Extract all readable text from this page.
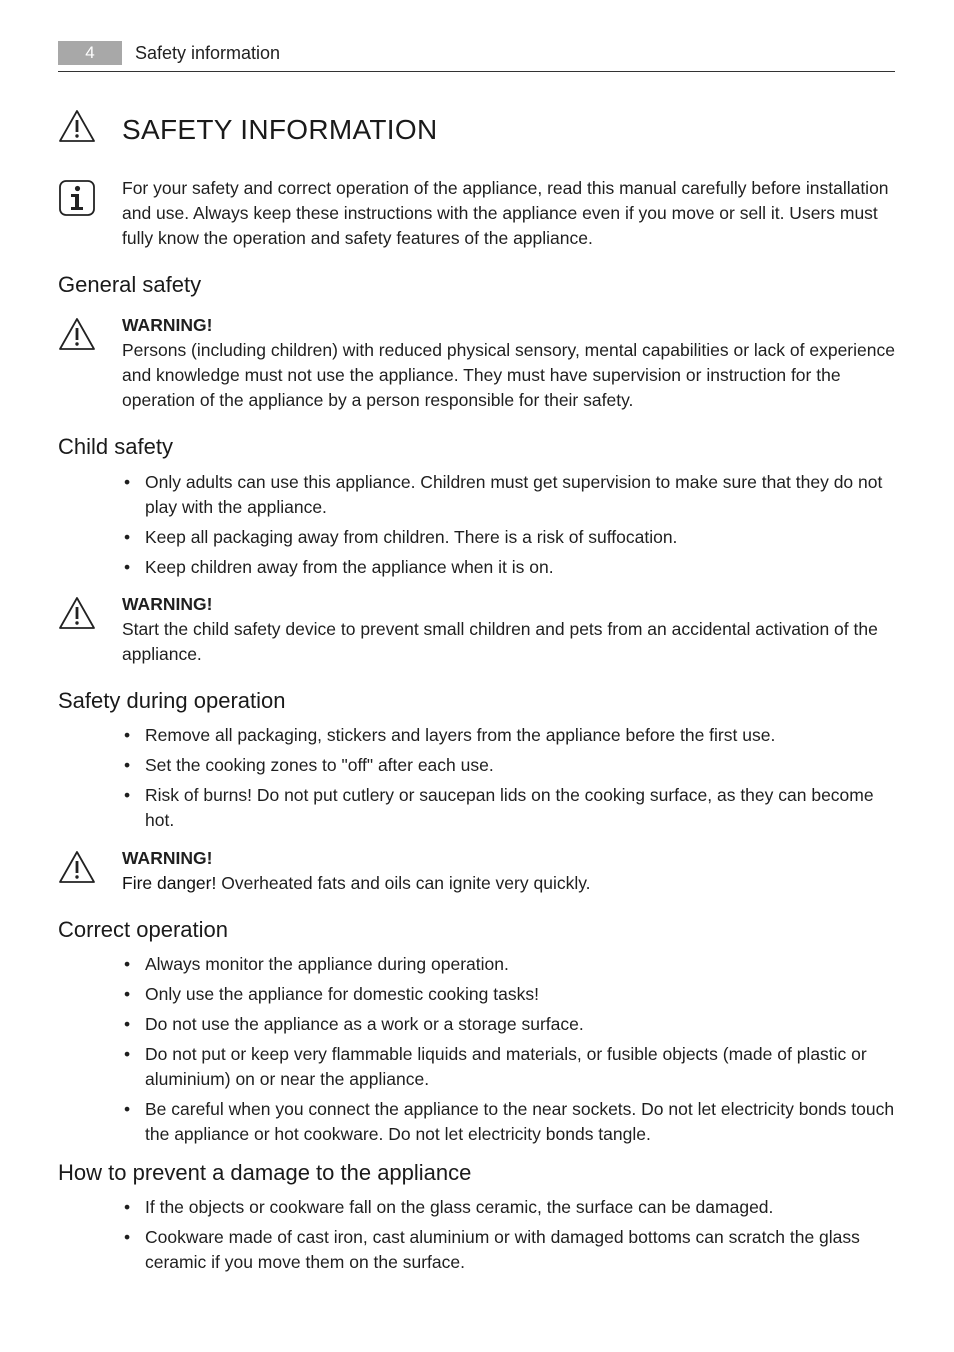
4	Safety information
SAFETY INFORMATION
For your safety and correct operation of the appliance, read this manual carefully before installation and use. Always keep these instructions with the appliance even if you move or sell it. Users must fully know the operation and safety features of the appliance.
General safety
WARNING!
Persons (including children) with reduced physical sensory, mental capabilities or lack of experience and knowledge must not use the appliance. They must have supervision or instruction for the operation of the appliance by a person responsible for their safety.
Child safety
• Only adults can use this appliance. Children must get supervision to make sure that they do not play with the appliance.
• Keep all packaging away from children. There is a risk of suffocation.
• Keep children away from the appliance when it is on.
WARNING!
Start the child safety device to prevent small children and pets from an accidental activation of the appliance.
Safety during operation
• Remove all packaging, stickers and layers from the appliance before the first use.
• Set the cooking zones to "off" after each use.
• Risk of burns! Do not put cutlery or saucepan lids on the cooking surface, as they can become hot.
WARNING!
Fire danger! Overheated fats and oils can ignite very quickly.
Correct operation
• Always monitor the appliance during operation.
• Only use the appliance for domestic cooking tasks!
• Do not use the appliance as a work or a storage surface.
• Do not put or keep very flammable liquids and materials, or fusible objects (made of plastic or aluminium) on or near the appliance.
• Be careful when you connect the appliance to the near sockets. Do not let electricity bonds touch the appliance or hot cookware. Do not let electricity bonds tangle.
How to prevent a damage to the appliance
• If the objects or cookware fall on the glass ceramic, the surface can be damaged.
• Cookware made of cast iron, cast aluminium or with damaged bottoms can scratch the glass ceramic if you move them on the surface.
